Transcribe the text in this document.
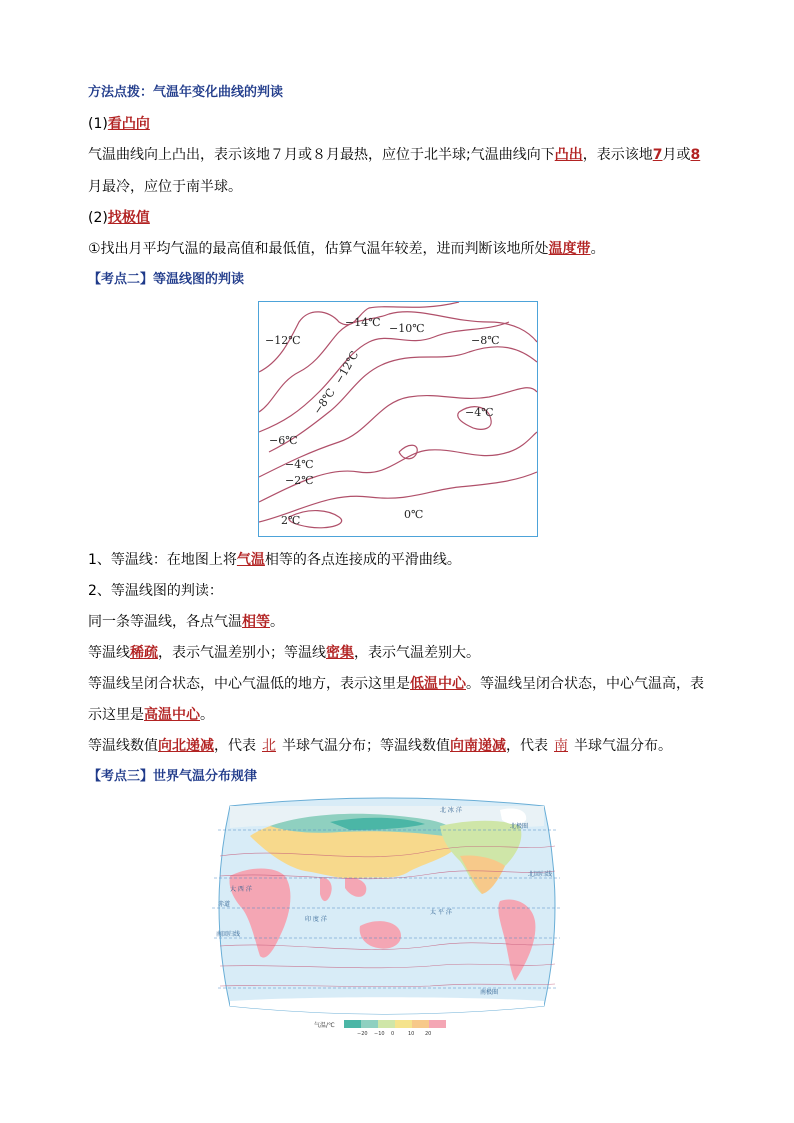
方法点拨：气温年变化曲线的判读
(1)看凸向
气温曲线向上凸出，表示该地７月或８月最热，应位于北半球;气温曲线向下凸出，表示该地7月或8
月最冷，应位于南半球。
(2)找极值
①找出月平均气温的最高值和最低值，估算气温年较差，进而判断该地所处温度带。
【考点二】等温线图的判读
−14℃ −10℃
−12℃	−8℃
−12℃
−8℃	−4℃
−6℃
−4℃
−2℃
2℃	0℃
1、等温线：在地图上将气温相等的各点连接成的平滑曲线。
2、等温线图的判读：
同一条等温线，各点气温相等。
等温线稀疏，表示气温差别小；等温线密集，表示气温差别大。
等温线呈闭合状态，中心气温低的地方，表示这里是低温中心。等温线呈闭合状态，中心气温高，表
示这里是高温中心。
等温线数值向北递减，代表 北 半球气温分布；等温线数值向南递减，代表 南 半球气温分布。
【考点三】世界气温分布规律
北 冰 洋
北极圈
北回归线
赤道
南回归线
南极圈
太 平 洋
印 度 洋
大 西 洋
气温/℃
−20 −10 0	10 20
